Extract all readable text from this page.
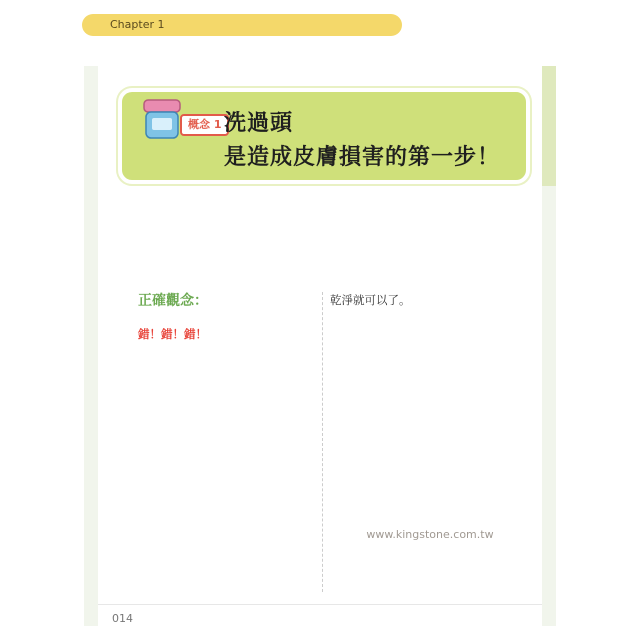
Chapter 1
概念 1 洗過頭
是造成皮膚損害的第一步！

正確觀念：

錯！錯！錯！

乾淨就可以了。

014
www.kingstone.com.tw
